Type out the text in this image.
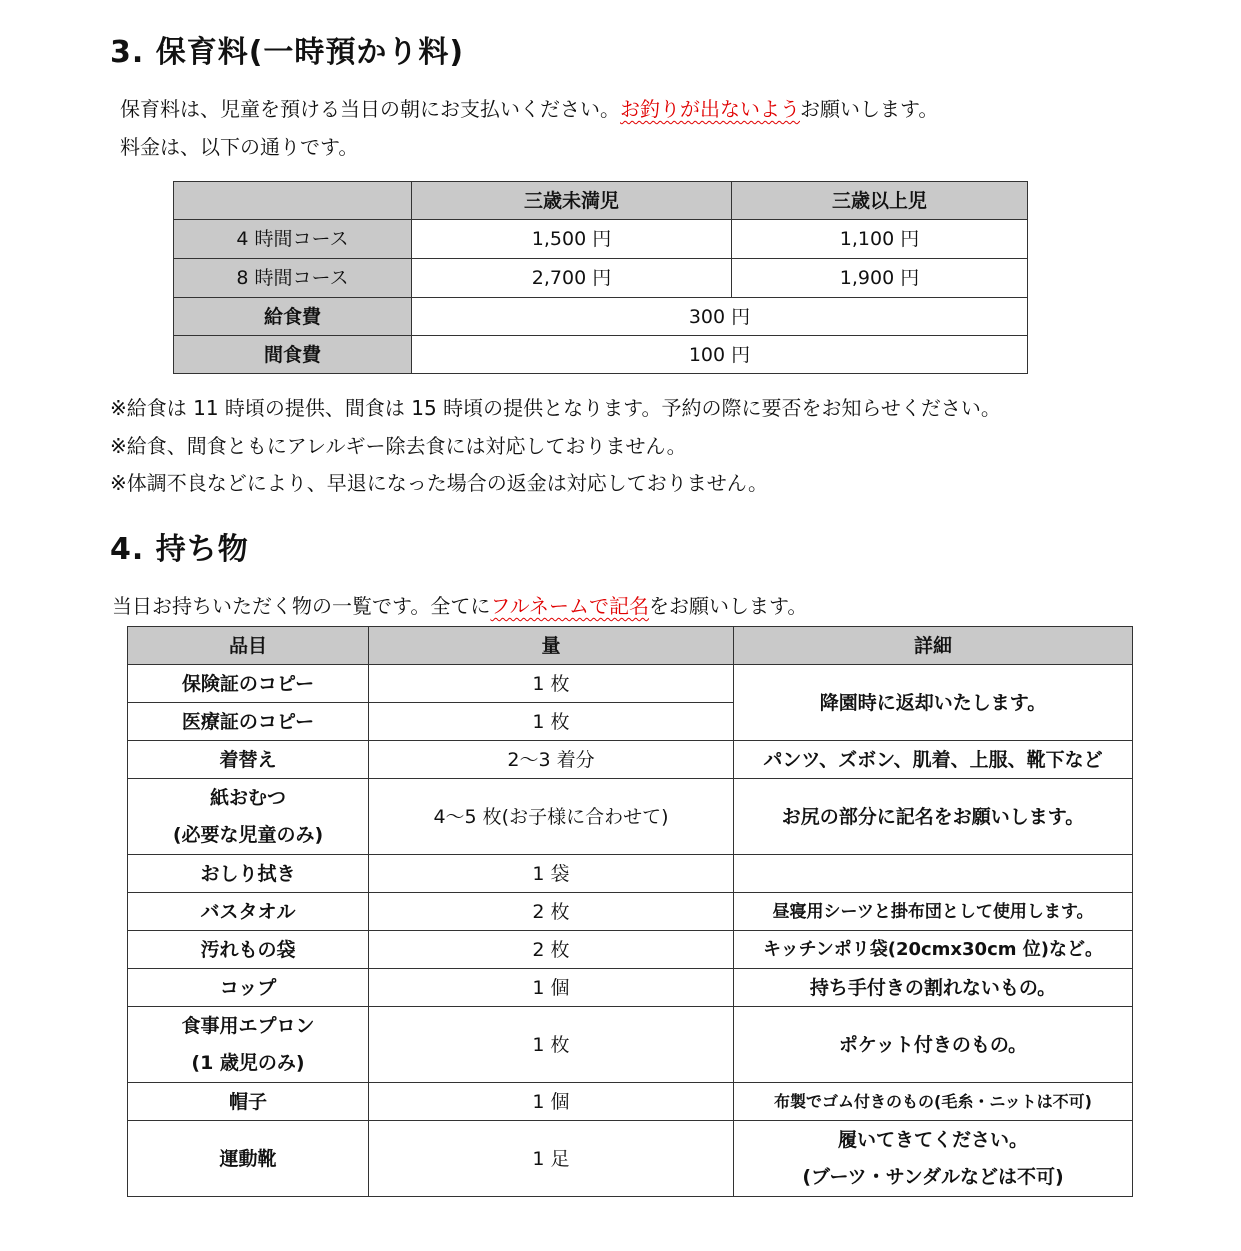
3. 保育料(一時預かり料)

保育料は、児童を預ける当日の朝にお支払いください。お釣りが出ないようお願いします。

料金は、以下の通りです。

	三歳未満児	三歳以上児
4 時間コース	1,500 円	1,100 円
8 時間コース	2,700 円	1,900 円
給食費	300 円	
間食費	100 円	

※給食は 11 時頃の提供、間食は 15 時頃の提供となります。予約の際に要否をお知らせください。

※給食、間食ともにアレルギー除去食には対応しておりません。

※体調不良などにより、早退になった場合の返金は対応しておりません。

4. 持ち物

当日お持ちいただく物の一覧です。全てにフルネームで記名をお願いします。

品目	量	詳細
保険証のコピー	1 枚	降園時に返却いたします。
医療証のコピー	1 枚	
着替え	2～3 着分	パンツ、ズボン、肌着、上服、靴下など

紙おむつ
(必要な児童のみ)	4～5 枚(お子様に合わせて)	お尻の部分に記名をお願いします。
おしり拭き	1 袋	
バスタオル	2 枚	昼寝用シーツと掛布団として使用します。
汚れもの袋	2 枚	キッチンポリ袋(20cmx30cm 位)など。
コップ	1 個	持ち手付きの割れないもの。

食事用エプロン
(1 歳児のみ)	1 枚	ポケット付きのもの。
帽子	1 個	布製でゴム付きのもの(毛糸・ニットは不可)
運動靴	1 足	履いてきてください。
(ブーツ・サンダルなどは不可)
